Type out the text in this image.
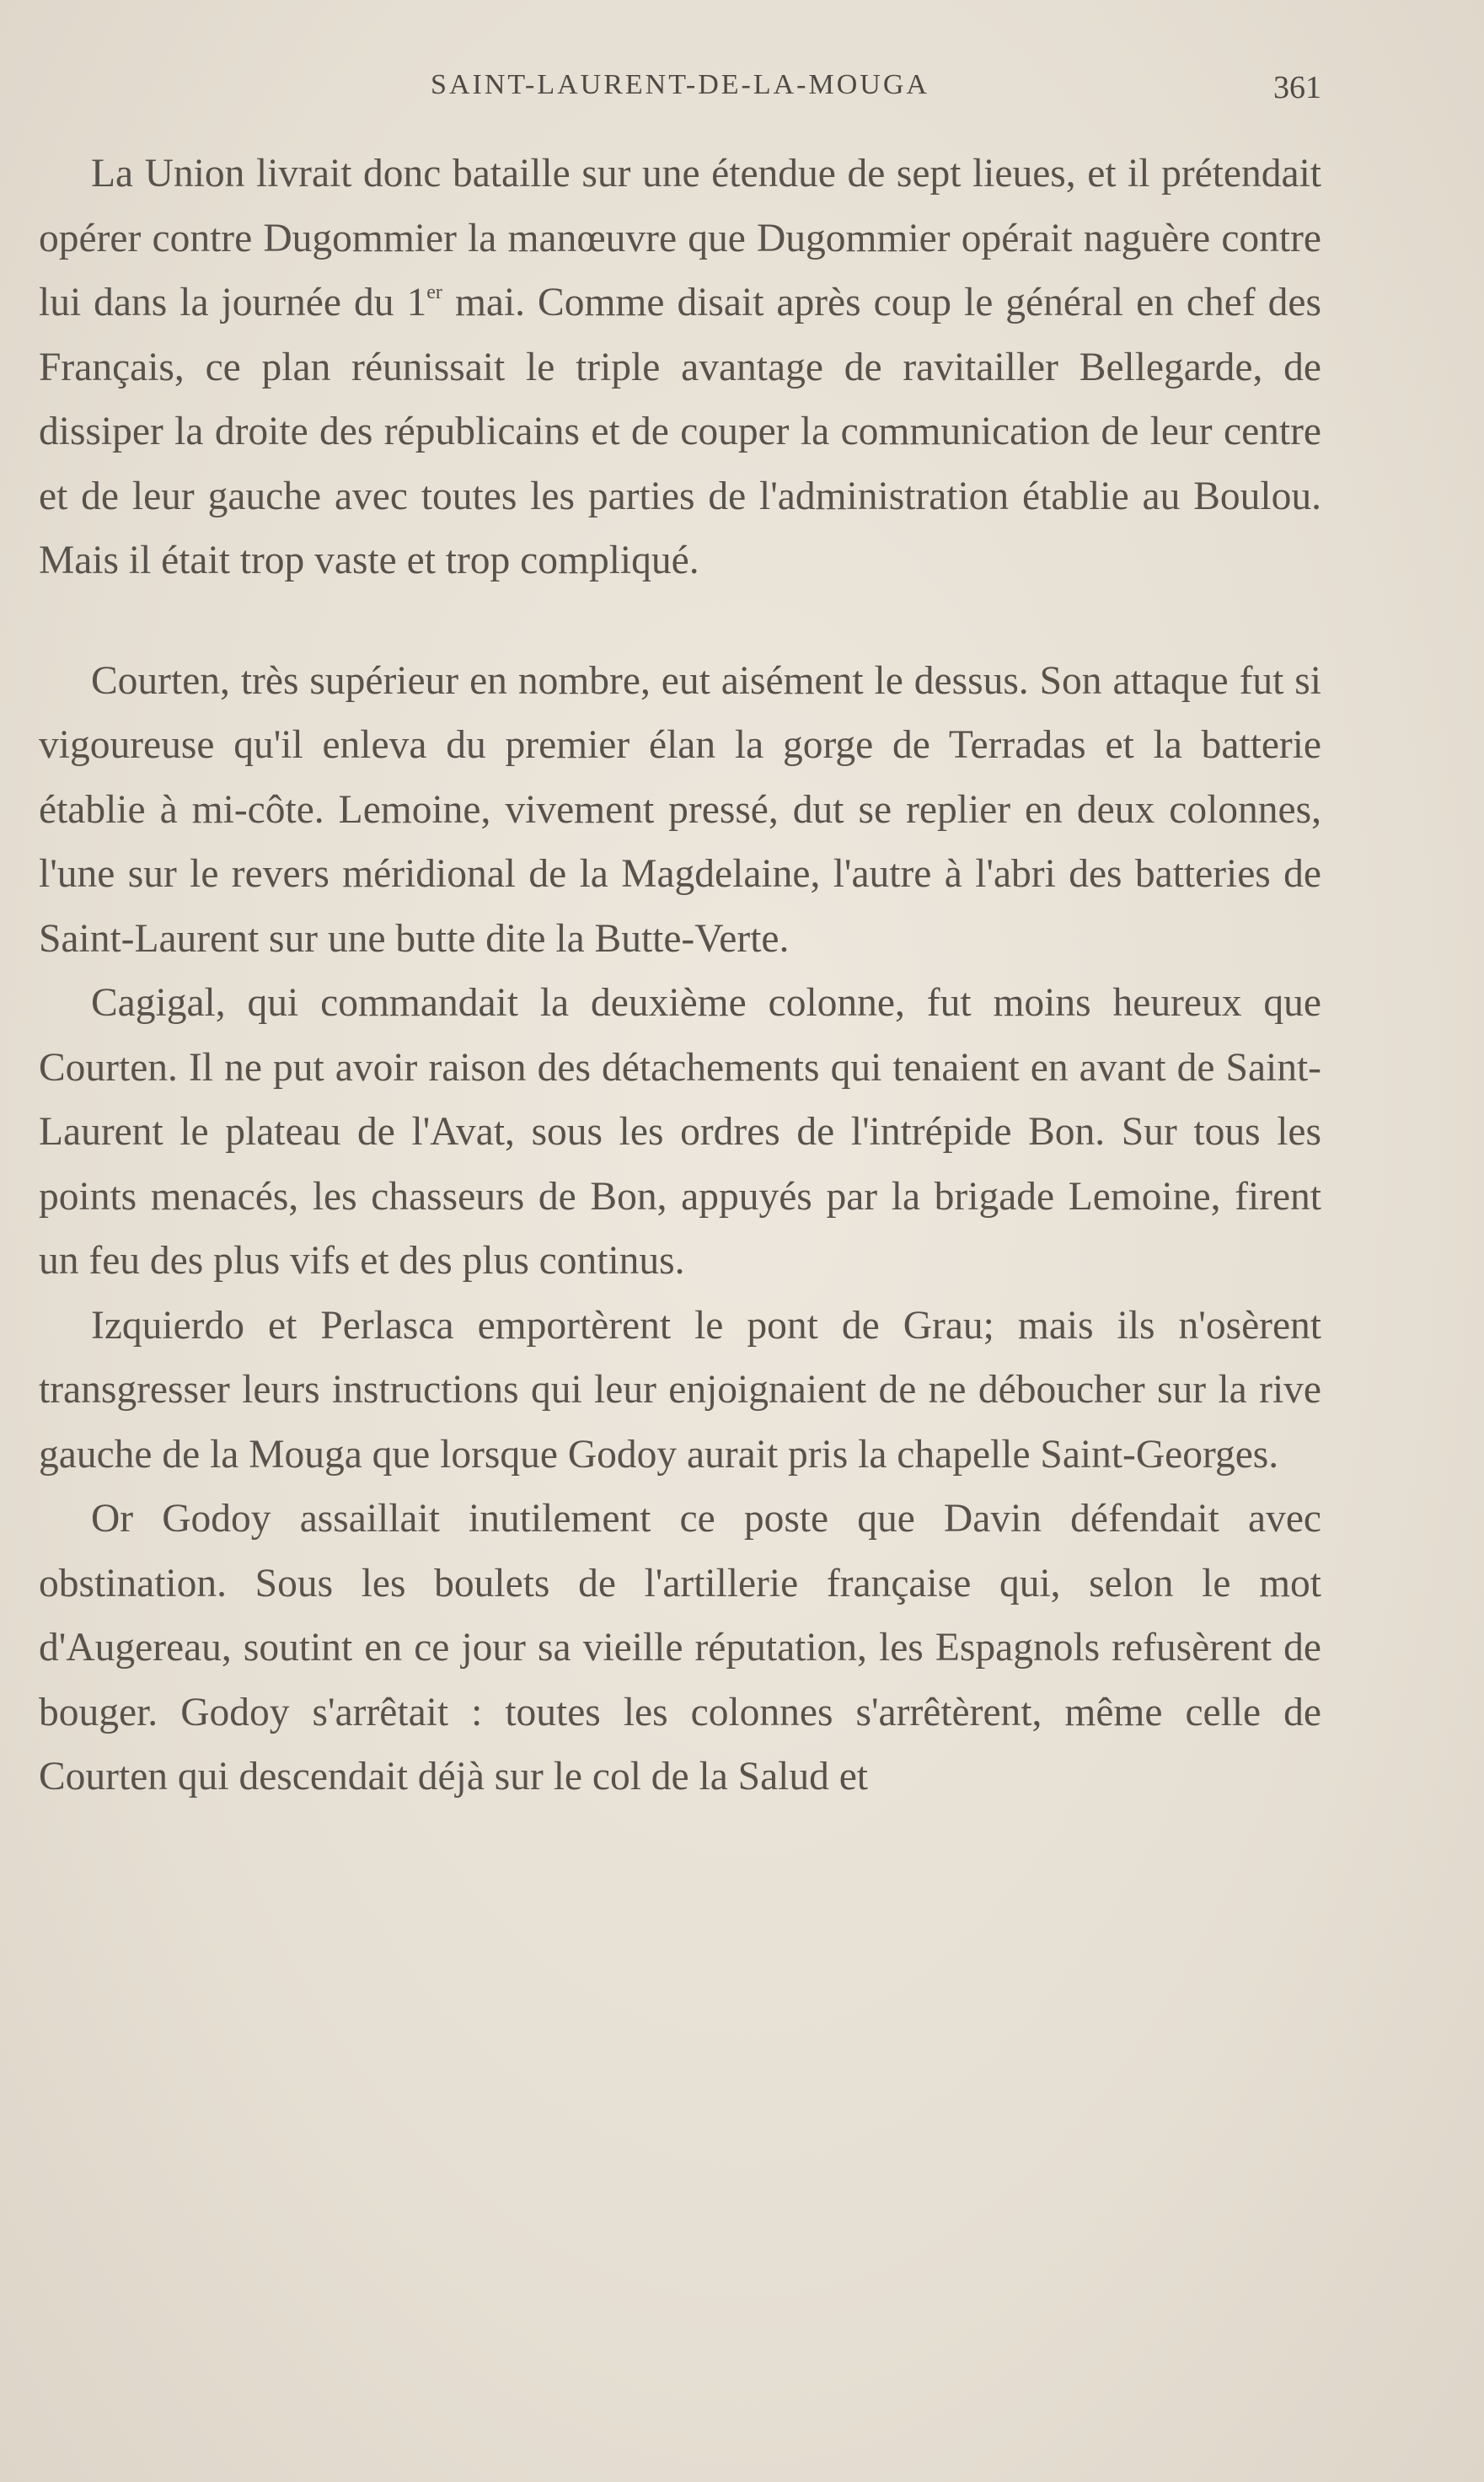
SAINT-LAURENT-DE-LA-MOUGA	361

La Union livrait donc bataille sur une étendue de sept lieues, et il prétendait opérer contre Dugommier la manœuvre que Dugommier opérait naguère contre lui dans la journée du 1er mai. Comme disait après coup le général en chef des Français, ce plan réunissait le triple avantage de ravitailler Bellegarde, de dissiper la droite des républicains et de couper la communication de leur centre et de leur gauche avec toutes les parties de l'administration établie au Boulou. Mais il était trop vaste et trop compliqué.

Courten, très supérieur en nombre, eut aisément le dessus. Son attaque fut si vigoureuse qu'il enleva du premier élan la gorge de Terradas et la batterie établie à mi-côte. Lemoine, vivement pressé, dut se replier en deux colonnes, l'une sur le revers méridional de la Magdelaine, l'autre à l'abri des batteries de Saint-Laurent sur une butte dite la Butte-Verte.

Cagigal, qui commandait la deuxième colonne, fut moins heureux que Courten. Il ne put avoir raison des détachements qui tenaient en avant de Saint-Laurent le plateau de l'Avat, sous les ordres de l'intrépide Bon. Sur tous les points menacés, les chasseurs de Bon, appuyés par la brigade Lemoine, firent un feu des plus vifs et des plus continus.

Izquierdo et Perlasca emportèrent le pont de Grau; mais ils n'osèrent transgresser leurs instructions qui leur enjoignaient de ne déboucher sur la rive gauche de la Mouga que lorsque Godoy aurait pris la chapelle Saint-Georges.

Or Godoy assaillait inutilement ce poste que Davin défendait avec obstination. Sous les boulets de l'artillerie française qui, selon le mot d'Augereau, soutint en ce jour sa vieille réputation, les Espagnols refusèrent de bouger. Godoy s'arrêtait : toutes les colonnes s'arrêtèrent, même celle de Courten qui descendait déjà sur le col de la Salud et
